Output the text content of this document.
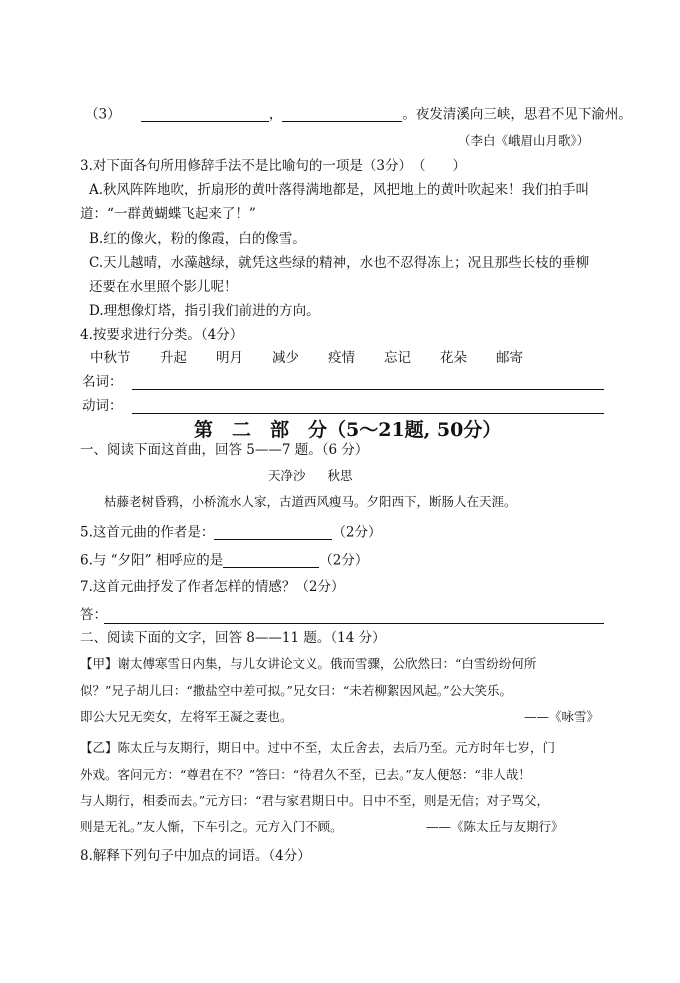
（3）	，	。夜发清溪向三峡，思君不见下渝州。
（李白《峨眉山月歌》）
3.对下面各句所用修辞手法不是比喻句的一项是（3分）　（　　）
A.秋风阵阵地吹，折扇形的黄叶落得满地都是，风把地上的黄叶吹起来！我们拍手叫
道：“一群黄蝴蝶飞起来了！”
B.红的像火，粉的像霞，白的像雪。
C.天儿越晴，水藻越绿，就凭这些绿的精神，水也不忍得冻上；况且那些长枝的垂柳
还要在水里照个影儿呢！
D.理想像灯塔，指引我们前进的方向。
4.按要求进行分类。（4分）
中秋节 升起 明月 减少 疫情 忘记 花朵 邮寄
名词：
动词：
第　二　部　分（5～21题, 50分）
一、阅读下面这首曲，回答 5——7 题。（6 分）
天净沙 秋思
枯藤老树昏鸦，小桥流水人家，古道西风瘦马。夕阳西下，断肠人在天涯。
5.这首元曲的作者是：	（2分）
6.与 “夕阳” 相呼应的是	（2分）
7.这首元曲抒发了作者怎样的情感？（2分）
答：
二、阅读下面的文字，回答 8——11 题。（14 分）
【甲】谢太傅寒雪日内集，与儿女讲论文义。俄而雪骤，公欣然曰：“白雪纷纷何所
似？”兄子胡儿曰：“撒盐空中差可拟。”兄女曰：“未若柳絮因风起。”公大笑乐。
即公大兄无奕女，左将军王凝之妻也。	——《咏雪》
【乙】陈太丘与友期行，期日中。过中不至，太丘舍去，去后乃至。元方时年七岁，门
外戏。客问元方：“尊君在不？”答曰：“待君久不至，已去。”友人便怒：“非人哉！
与人期行，相委而去。”元方曰：“君与家君期日中。日中不至，则是无信；对子骂父，
则是无礼。”友人惭，下车引之。元方入门不顾。	——《陈太丘与友期行》
8.解释下列句子中加点的词语。（4分）
